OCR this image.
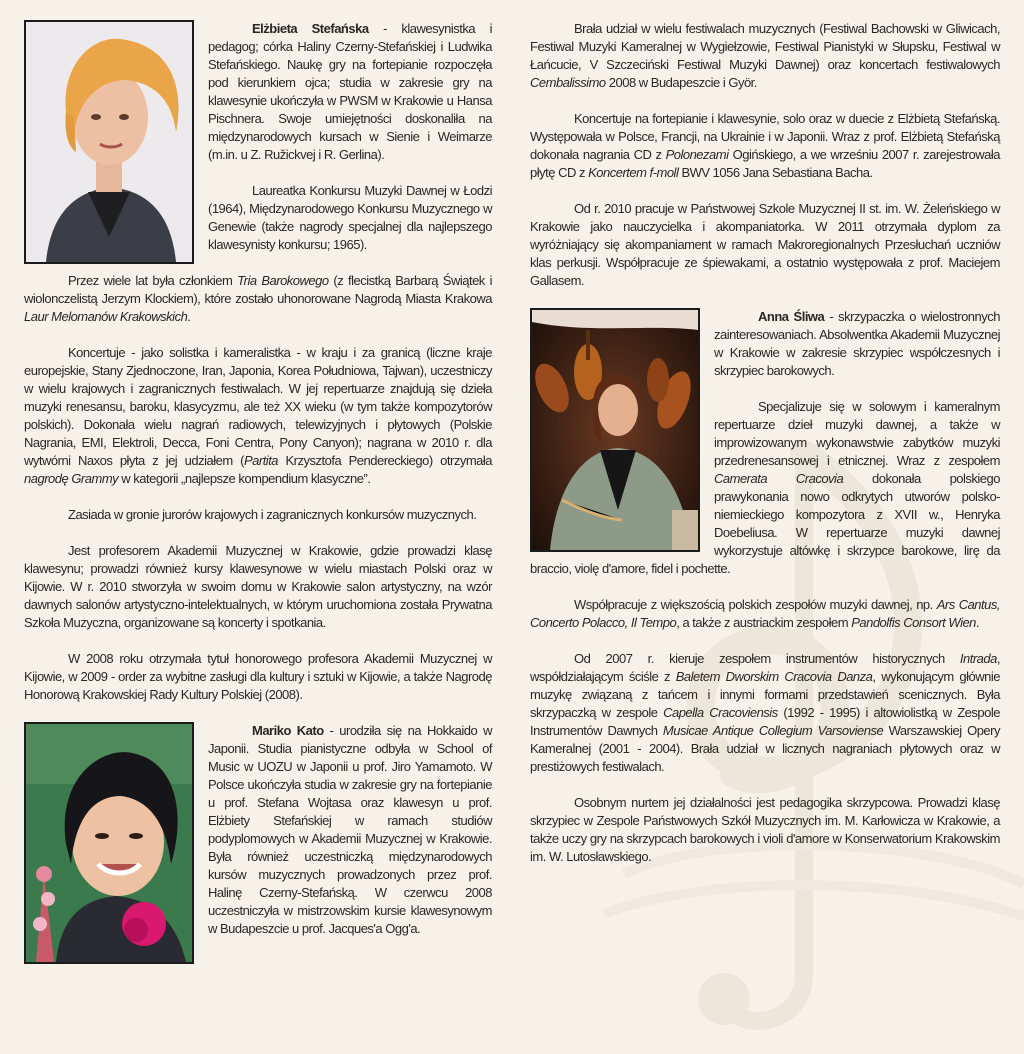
Elżbieta Stefańska - klawesynistka i pedagog; córka Haliny Czerny-Stefańskiej i Ludwika Stefańskiego. Naukę gry na fortepianie rozpoczęła pod kierunkiem ojca; studia w zakresie gry na klawesynie ukończyła w PWSM w Krakowie u Hansa Pischnera. Swoje umiejętności doskonaliła na międzynarodowych kursach w Sienie i Weimarze (m.in. u Z. Ružickvej i R. Gerlina).

Laureatka Konkursu Muzyki Dawnej w Łodzi (1964), Międzynarodowego Konkursu Muzycznego w Genewie (także nagrody specjalnej dla najlepszego klawesynisty konkursu; 1965).

Przez wiele lat była członkiem Tria Barokowego (z flecistką Barbarą Świątek i wiolonczelistą Jerzym Klockiem), które zostało uhonorowane Nagrodą Miasta Krakowa Laur Melomanów Krakowskich.

Koncertuje - jako solistka i kameralistka - w kraju i za granicą (liczne kraje europejskie, Stany Zjednoczone, Iran, Japonia, Korea Południowa, Tajwan), uczestniczy w wielu krajowych i zagranicznych festiwalach. W jej repertuarze znajdują się dzieła muzyki renesansu, baroku, klasycyzmu, ale też XX wieku (w tym także kompozytorów polskich). Dokonała wielu nagrań radiowych, telewizyjnych i płytowych (Polskie Nagrania, EMI, Elektroli, Decca, Foni Centra, Pony Canyon); nagrana w 2010 r. dla wytwórni Naxos płyta z jej udziałem (Partita Krzysztofa Pendereckiego) otrzymała nagrodę Grammy w kategorii „najlepsze kompendium klasyczne”.

Zasiada w gronie jurorów krajowych i zagranicznych konkursów muzycznych.

Jest profesorem Akademii Muzycznej w Krakowie, gdzie prowadzi klasę klawesynu; prowadzi również kursy klawesynowe w wielu miastach Polski oraz w Kijowie. W r. 2010 stworzyła w swoim domu w Krakowie salon artystyczny, na wzór dawnych salonów artystyczno-intelektualnych, w którym uruchomiona została Prywatna Szkoła Muzyczna, organizowane są koncerty i spotkania.

W 2008 roku otrzymała tytuł honorowego profesora Akademii Muzycznej w Kijowie, w 2009 - order za wybitne zasługi dla kultury i sztuki w Kijowie, a także Nagrodę Honorową Krakowskiej Rady Kultury Polskiej (2008).

Mariko Kato - urodziła się na Hokkaido w Japonii. Studia pianistyczne odbyła w School of Music w UOZU w Japonii u prof. Jiro Yamamoto. W Polsce ukończyła studia w zakresie gry na fortepianie u prof. Stefana Wojtasa oraz klawesyn u prof. Elżbiety Stefańskiej w ramach studiów podyplomowych w Akademii Muzycznej w Krakowie. Była również uczestniczką międzynarodowych kursów muzycznych prowadzonych przez prof. Halinę Czerny-Stefańską. W czerwcu 2008 uczestniczyła w mistrzowskim kursie klawesynowym w Budapeszcie u prof. Jacques'a Ogg'a.

Brała udział w wielu festiwalach muzycznych (Festiwal Bachowski w Gliwicach, Festiwal Muzyki Kameralnej w Wygiełzowie, Festiwal Pianistyki w Słupsku, Festiwal w Łańcucie, V Szczeciński Festiwal Muzyki Dawnej) oraz koncertach festiwalowych Cembalissimo 2008 w Budapeszcie i Györ.

Koncertuje na fortepianie i klawesynie, solo oraz w duecie z Elżbietą Stefańską. Występowała w Polsce, Francji, na Ukrainie i w Japonii. Wraz z prof. Elżbietą Stefańską dokonała nagrania CD z Polonezami Ogińskiego, a we wrześniu 2007 r. zarejestrowała płytę CD z Koncertem f-moll BWV 1056 Jana Sebastiana Bacha.

Od r. 2010 pracuje w Państwowej Szkole Muzycznej II st. im. W. Żeleńskiego w Krakowie jako nauczycielka i akompaniatorka. W 2011 otrzymała dyplom za wyróżniający się akompaniament w ramach Makroregionalnych Przesłuchań uczniów klas perkusji. Współpracuje ze śpiewakami, a ostatnio występowała z prof. Maciejem Gallasem.

Anna Śliwa - skrzypaczka o wielostronnych zainteresowaniach. Absolwentka Akademii Muzycznej w Krakowie w zakresie skrzypiec współczesnych i skrzypiec barokowych.

Specjalizuje się w solowym i kameralnym repertuarze dzieł muzyki dawnej, a także w improwizowanym wykonawstwie zabytków muzyki przedrenesansowej i etnicznej. Wraz z zespołem Camerata Cracovia dokonała polskiego prawykonania nowo odkrytych utworów polsko-niemieckiego kompozytora z XVII w., Henryka Doebeliusa. W repertuarze muzyki dawnej wykorzystuje altówkę i skrzypce barokowe, lirę da braccio, violę d'amore, fidel i pochette.

Współpracuje z większością polskich zespołów muzyki dawnej, np. Ars Cantus, Concerto Polacco, Il Tempo, a także z austriackim zespołem Pandolfis Consort Wien.

Od 2007 r. kieruje zespołem instrumentów historycznych Intrada, współdziałającym ściśle z Baletem Dworskim Cracovia Danza, wykonującym głównie muzykę związaną z tańcem i innymi formami przedstawień scenicznych. Była skrzypaczką w zespole Capella Cracoviensis (1992 - 1995) i altowiolistką w Zespole Instrumentów Dawnych Musicae Antique Collegium Varsoviense Warszawskiej Opery Kameralnej (2001 - 2004). Brała udział w licznych nagraniach płytowych oraz w prestiżowych festiwalach.

Osobnym nurtem jej działalności jest pedagogika skrzypcowa. Prowadzi klasę skrzypiec w Zespole Państwowych Szkół Muzycznych im. M. Karłowicza w Krakowie, a także uczy gry na skrzypcach barokowych i violi d'amore w Konserwatorium Krakowskim im. W. Lutosławskiego.
